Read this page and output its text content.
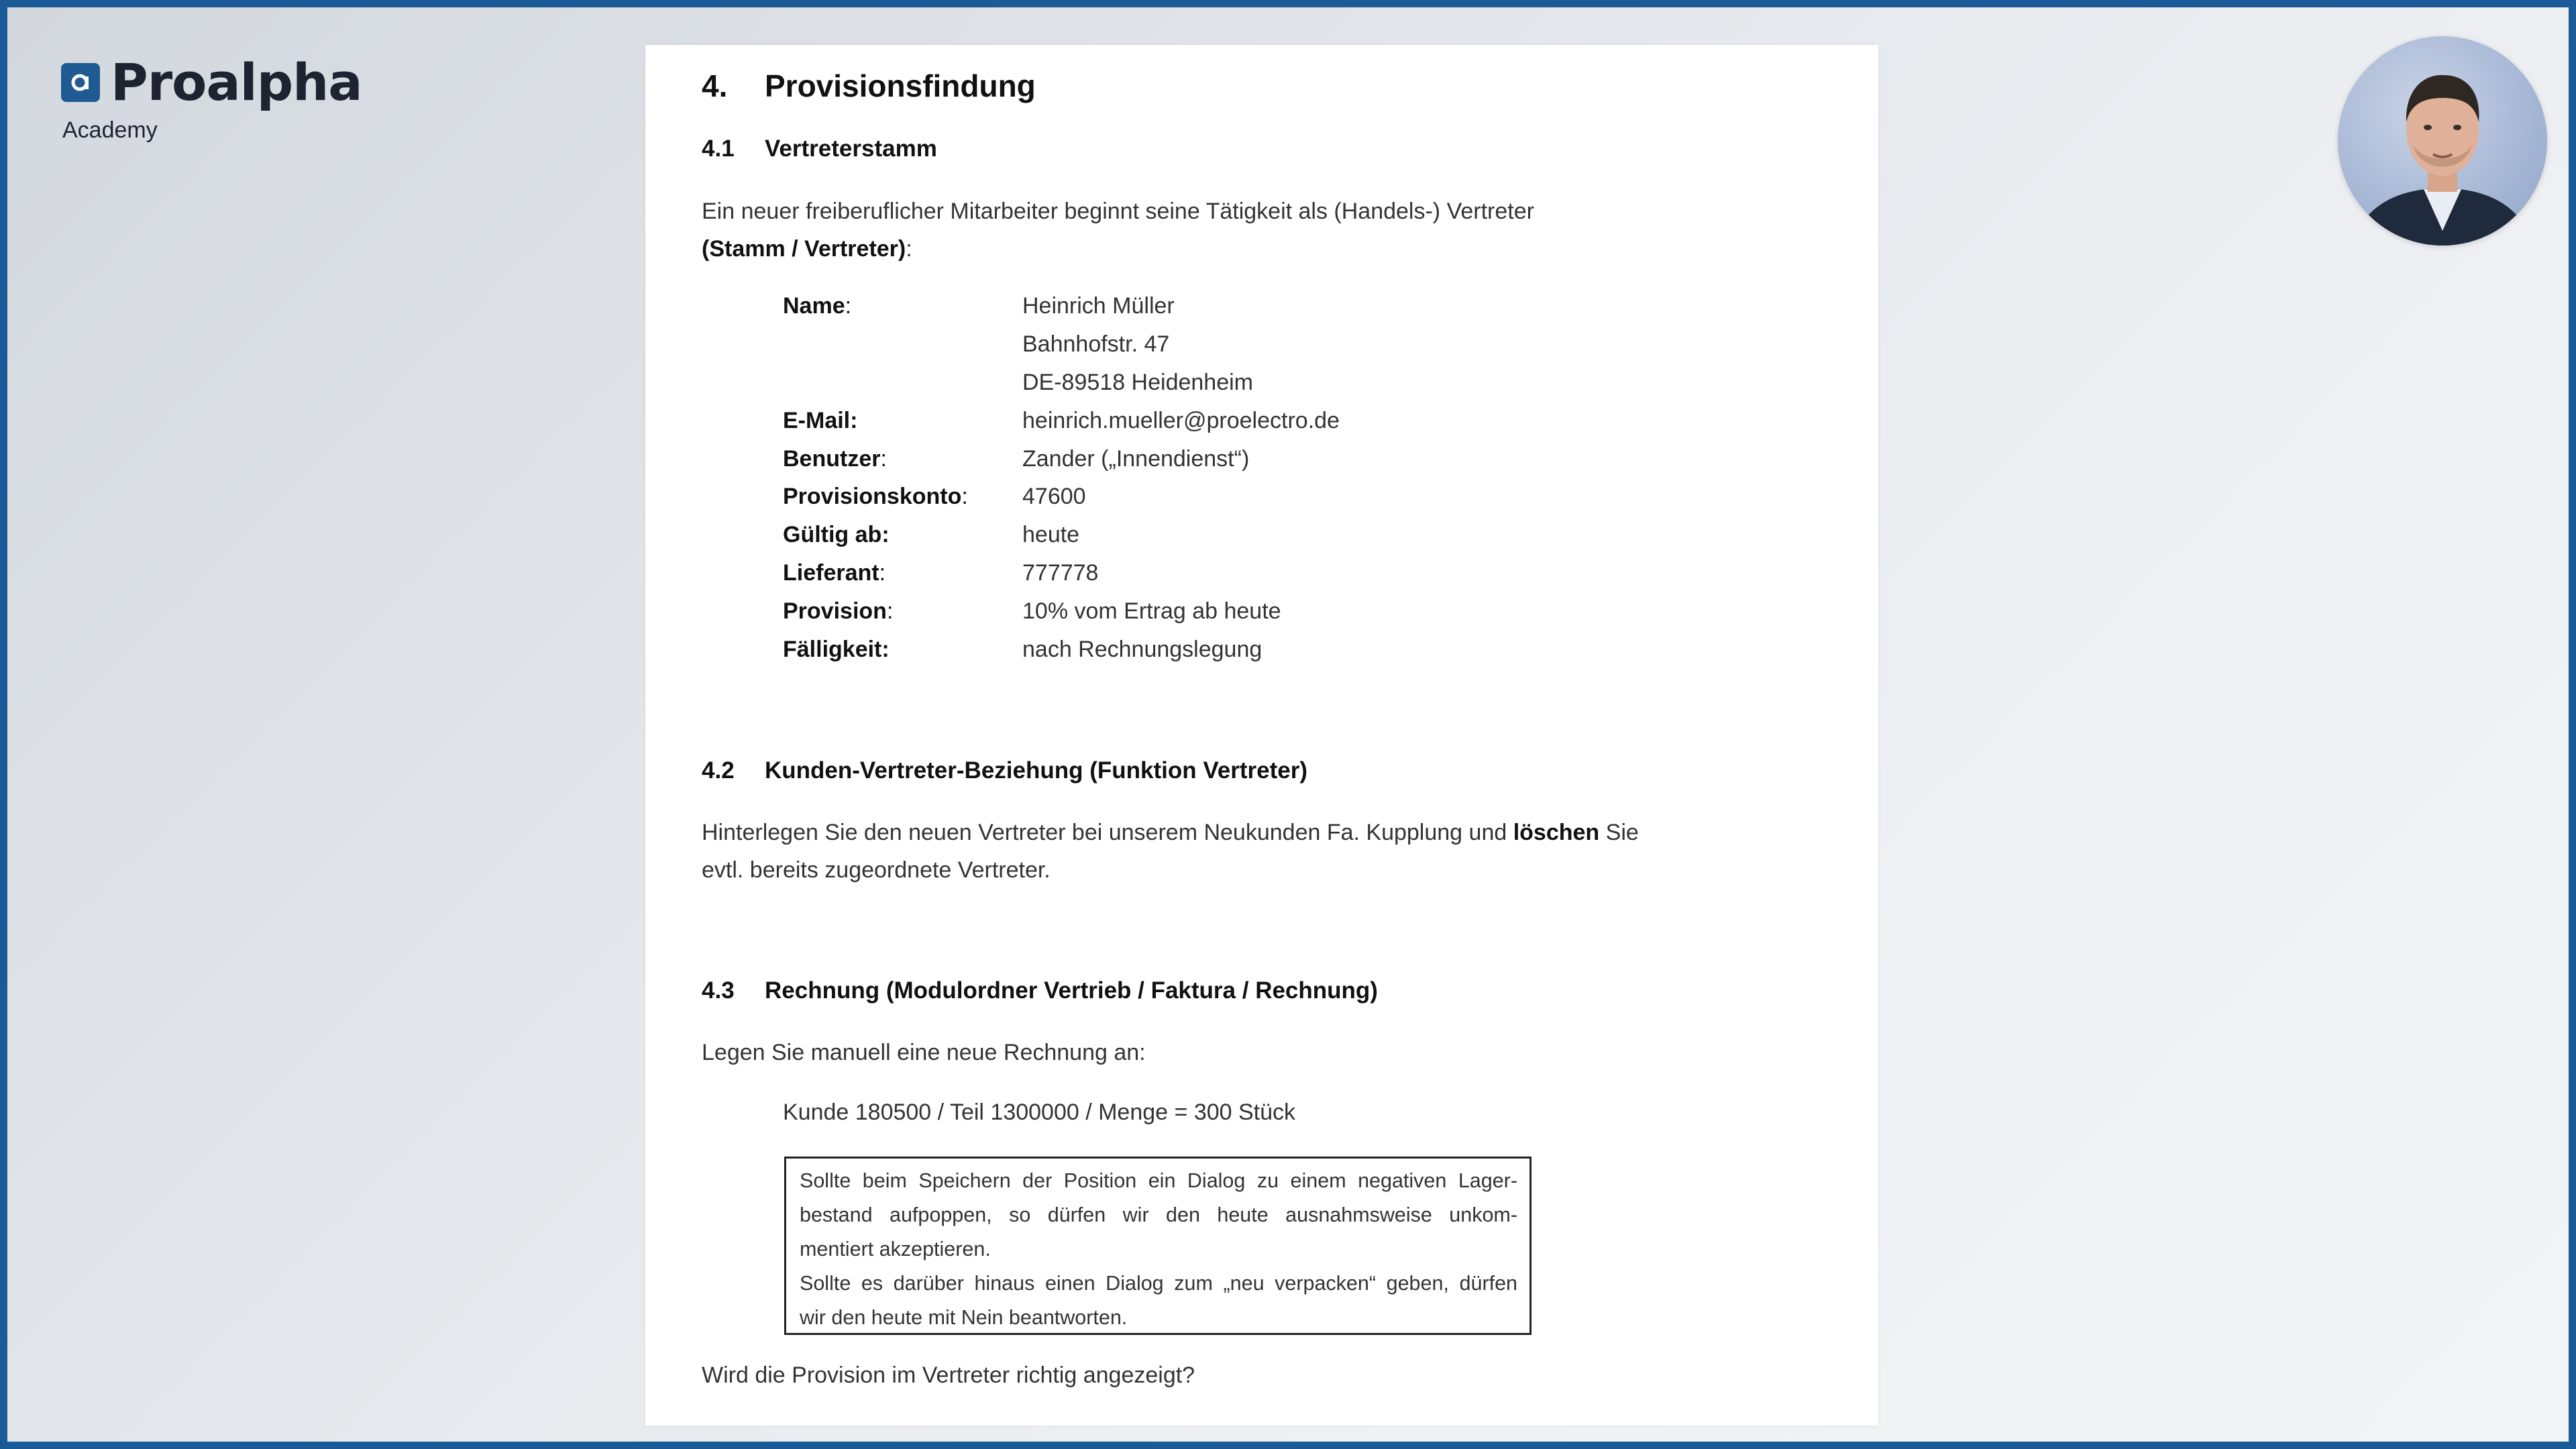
Proalpha
Academy
4. Provisionsfindung
4.1 Vertreterstamm
Ein neuer freiberuflicher Mitarbeiter beginnt seine Tätigkeit als (Handels-) Vertreter
(Stamm / Vertreter):
Name:	Heinrich Müller
Bahnhofstr. 47
DE-89518 Heidenheim
E-Mail:	heinrich.mueller@proelectro.de
Benutzer:	Zander („Innendienst“)
Provisionskonto: 47600
Gültig ab:	heute
Lieferant:	777778
Provision:	10% vom Ertrag ab heute
Fälligkeit:	nach Rechnungslegung
4.2 Kunden-Vertreter-Beziehung (Funktion Vertreter)
Hinterlegen Sie den neuen Vertreter bei unserem Neukunden Fa. Kupplung und löschen Sie
evtl. bereits zugeordnete Vertreter.
4.3 Rechnung (Modulordner Vertrieb / Faktura / Rechnung)
Legen Sie manuell eine neue Rechnung an:
Kunde 180500 / Teil 1300000 / Menge = 300 Stück
Sollte beim Speichern der Position ein Dialog zu einem negativen Lager-
bestand aufpoppen, so dürfen wir den heute ausnahmsweise unkom-
mentiert akzeptieren.
Sollte es darüber hinaus einen Dialog zum „neu verpacken“ geben, dürfen
wir den heute mit Nein beantworten.
Wird die Provision im Vertreter richtig angezeigt?
